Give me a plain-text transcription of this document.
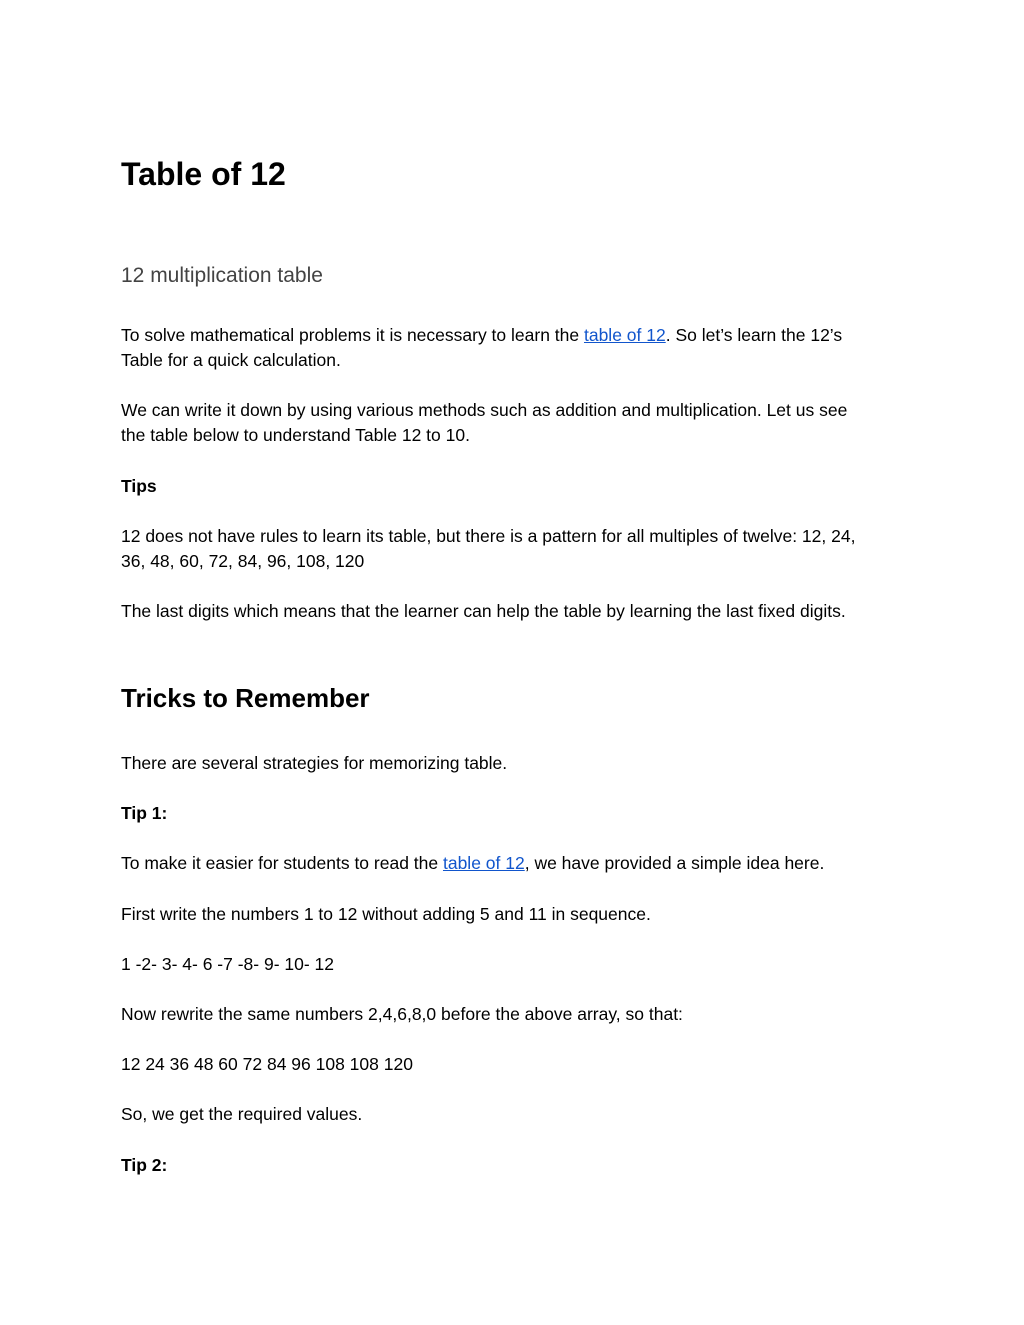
Table of 12
12 multiplication table

To solve mathematical problems it is necessary to learn the table of 12. So let’s learn the 12’s
Table for a quick calculation.

We can write it down by using various methods such as addition and multiplication. Let us see
the table below to understand Table 12 to 10.

Tips

12 does not have rules to learn its table, but there is a pattern for all multiples of twelve: 12, 24,
36, 48, 60, 72, 84, 96, 108, 120

The last digits which means that the learner can help the table by learning the last fixed digits.

Tricks to Remember

There are several strategies for memorizing table.

Tip 1:

To make it easier for students to read the table of 12, we have provided a simple idea here.

First write the numbers 1 to 12 without adding 5 and 11 in sequence.

1 -2- 3- 4- 6 -7 -8- 9- 10- 12

Now rewrite the same numbers 2,4,6,8,0 before the above array, so that:

12 24 36 48 60 72 84 96 108 108 120

So, we get the required values.

Tip 2:
